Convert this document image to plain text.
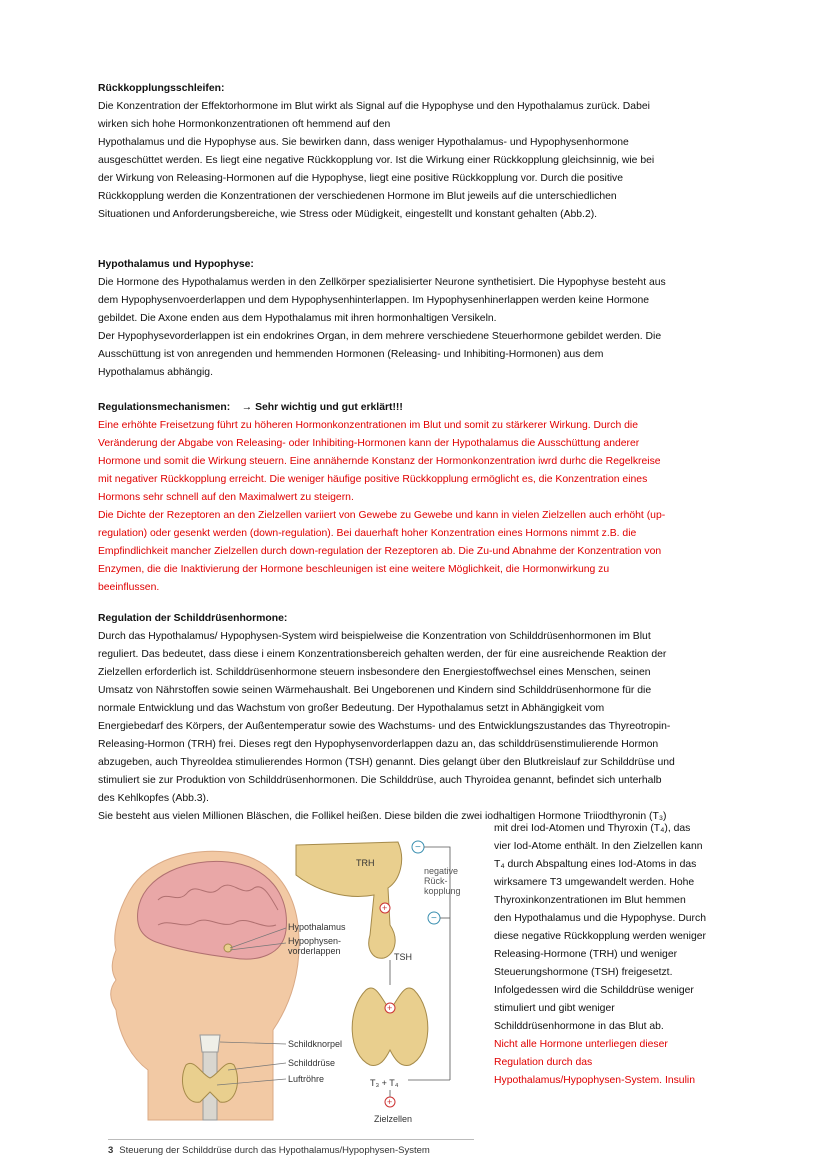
Rückkopplungsschleifen:
Die Konzentration der Effektorhormone im Blut wirkt als Signal auf die Hypophyse und den Hypothalamus zurück. Dabei
wirken sich hohe Hormonkonzentrationen oft hemmend auf den
Hypothalamus und die Hypophyse aus. Sie bewirken dann, dass weniger Hypothalamus- und Hypophysenhormone
ausgeschüttet werden. Es liegt eine negative Rückkopplung vor. Ist die Wirkung einer Rückkopplung gleichsinnig, wie bei
der Wirkung von Releasing-Hormonen auf die Hypophyse, liegt eine positive Rückkopplung vor. Durch die positive
Rückkopplung werden die Konzentrationen der verschiedenen Hormone im Blut jeweils auf die unterschiedlichen
Situationen und Anforderungsbereiche, wie Stress oder Müdigkeit, eingestellt und konstant gehalten (Abb.2).
Hypothalamus und Hypophyse:
Die Hormone des Hypothalamus werden in den Zellkörper spezialisierter Neurone synthetisiert. Die Hypophyse besteht aus
dem Hypophysenvoerderlappen und dem Hypophysenhinterlappen. Im Hypophysenhinerlappen werden keine Hormone
gebildet. Die Axone enden aus dem Hypothalamus mit ihren hormonhaltigen Versikeln.
Der Hypophysevorderlappen ist ein endokrines Organ, in dem mehrere verschiedene Steuerhormone gebildet werden. Die
Ausschüttung ist von anregenden und hemmenden Hormonen (Releasing- und Inhibiting-Hormonen) aus dem
Hypothalamus abhängig.
Regulationsmechanismen: → Sehr wichtig und gut erklärt!!!
Eine erhöhte Freisetzung führt zu höheren Hormonkonzentrationen im Blut und somit zu stärkerer Wirkung. Durch die
Veränderung der Abgabe von Releasing- oder Inhibiting-Hormonen kann der Hypothalamus die Ausschüttung anderer
Hormone und somit die Wirkung steuern. Eine annähernde Konstanz der Hormonkonzentration iwrd durhc die Regelkreise
mit negativer Rückkopplung erreicht. Die weniger häufige positive Rückkopplung ermöglicht es, die Konzentration eines
Hormons sehr schnell auf den Maximalwert zu steigern.
Die Dichte der Rezeptoren an den Zielzellen variiert von Gewebe zu Gewebe und kann in vielen Zielzellen auch erhöht (up-
regulation) oder gesenkt werden (down-regulation). Bei dauerhaft hoher Konzentration eines Hormons nimmt z.B. die
Empfindlichkeit mancher Zielzellen durch down-regulation der Rezeptoren ab. Die Zu-und Abnahme der Konzentration von
Enzymen, die die Inaktivierung der Hormone beschleunigen ist eine weitere Möglichkeit, die Hormonwirkung zu
beeinflussen.
Regulation der Schilddrüsenhormone:
Durch das Hypothalamus/ Hypophysen-System wird beispielweise die Konzentration von Schilddrüsenhormonen im Blut
reguliert. Das bedeutet, dass diese i einem Konzentrationsbereich gehalten werden, der für eine ausreichende Reaktion der
Zielzellen erforderlich ist. Schilddrüsenhormone steuern insbesondere den Energiestoffwechsel eines Menschen, seinen
Umsatz von Nährstoffen sowie seinen Wärmehaushalt. Bei Ungeborenen und Kindern sind Schilddrüsenhormone für die
normale Entwicklung und das Wachstum von großer Bedeutung. Der Hypothalamus setzt in Abhängigkeit vom
Energiebedarf des Körpers, der Außentemperatur sowie des Wachstums- und des Entwicklungszustandes das Thyreotropin-
Releasing-Hormon (TRH) frei. Dieses regt den Hypophysenvorderlappen dazu an, das schilddrüsenstimulierende Hormon
abzugeben, auch Thyreoldea stimulierendes Hormon (TSH) genannt. Dies gelangt über den Blutkreislauf zur Schilddrüse und
stimuliert sie zur Produktion von Schilddrüsenhormonen. Die Schilddrüse, auch Thyroidea genannt, befindet sich unterhalb
des Kehlkopfes (Abb.3).
Sie besteht aus vielen Millionen Bläschen, die Follikel heißen. Diese bilden die zwei iodhaltigen Hormone Triiodthyronin (T₃)
mit drei Iod-Atomen und Thyroxin (T₄), das
vier Iod-Atome enthält. In den Zielzellen kann
T₄ durch Abspaltung eines Iod-Atoms in das
wirksamere T3 umgewandelt werden. Hohe
Thyroxinkonzentrationen im Blut hemmen
den Hypothalamus und die Hypophyse. Durch
diese negative Rückkopplung werden weniger
Releasing-Hormone (TRH) und weniger
Steuerungshormone (TSH) freigesetzt.
Infolgedessen wird die Schilddrüse weniger
stimuliert und gibt weniger
Schilddrüsenhormone in das Blut ab.
Nicht alle Hormone unterliegen dieser
Regulation durch das
Hypothalamus/Hypophysen-System. Insulin
Hypothalamus
Hypophysen-
vorderlappen
Schildknorpel
Schilddrüse
Luftröhre
TRH
negative
Rück-
kopplung
+
−
−
TSH
+
T₃ + T₄
+
Zielzellen
3 Steuerung der Schilddrüse durch das Hypothalamus/Hypophysen-System
